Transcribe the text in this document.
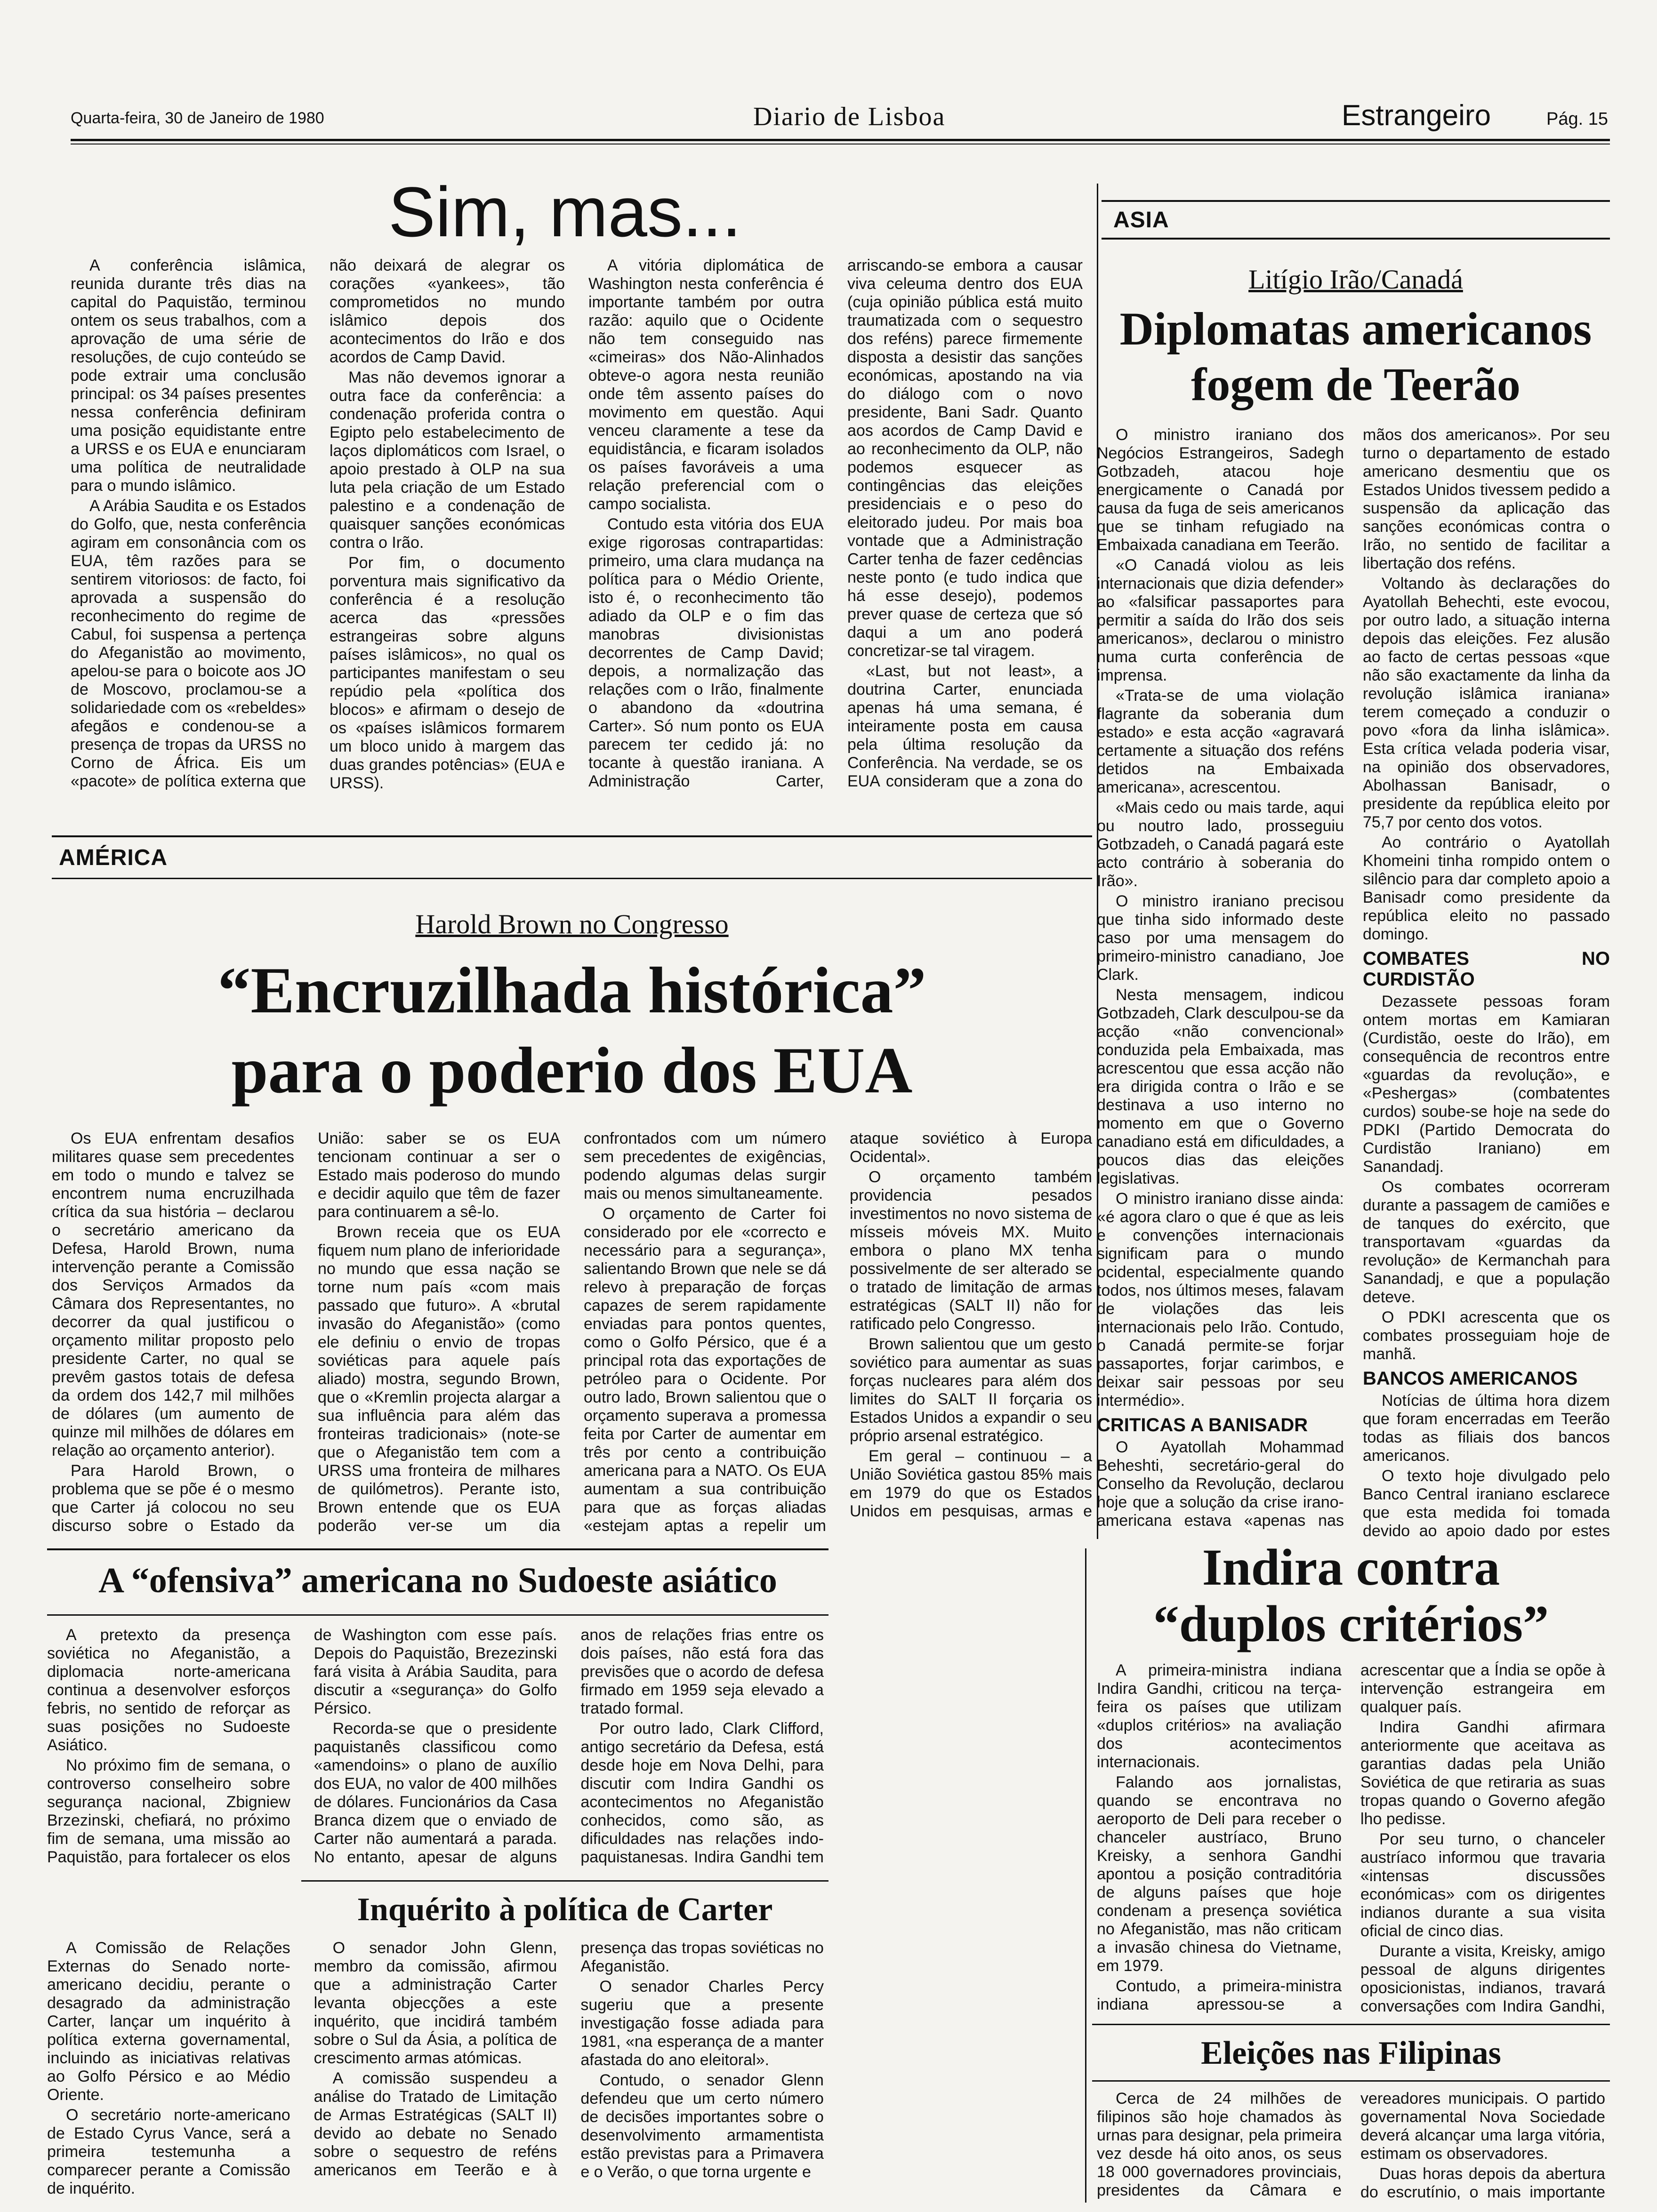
Quarta-feira, 30 de Janeiro de 1980	Diario de Lisboa	Estrangeiro	Pág. 15
Sim, mas...

A conferência islâmica, reunida durante três dias na capital do Paquistão, terminou ontem os seus trabalhos, com a aprovação de uma série de resoluções, de cujo conteúdo se pode extrair uma conclusão principal: os 34 países presentes nessa conferência definiram uma posição equidistante entre a URSS e os EUA e enunciaram uma política de neutralidade para o mundo islâmico.

A Arábia Saudita e os Estados do Golfo, que, nesta conferência agiram em consonância com os EUA, têm razões para se sentirem vitoriosos: de facto, foi aprovada a suspensão do reconhecimento do regime de Cabul, foi suspensa a pertença do Afeganistão ao movimento, apelou-se para o boicote aos JO de Moscovo, proclamou-se a solidariedade com os «rebeldes» afegãos e condenou-se a presença de tropas da URSS no Corno de África. Eis um «pacote» de política externa que não deixará de alegrar os corações «yankees», tão comprometidos no mundo islâmico depois dos acontecimentos do Irão e dos acordos de Camp David.

Mas não devemos ignorar a outra face da conferência: a condenação proferida contra o Egipto pelo estabelecimento de laços diplomáticos com Israel, o apoio prestado à OLP na sua luta pela criação de um Estado palestino e a condenação de quaisquer sanções económicas contra o Irão.

Por fim, o documento porventura mais significativo da conferência é a resolução acerca das «pressões estrangeiras sobre alguns países islâmicos», no qual os participantes manifestam o seu repúdio pela «política dos blocos» e afirmam o desejo de os «países islâmicos formarem um bloco unido à margem das duas grandes potências» (EUA e URSS).

A vitória diplomática de Washington nesta conferência é importante também por outra razão: aquilo que o Ocidente não tem conseguido nas «cimeiras» dos Não-Alinhados obteve-o agora nesta reunião onde têm assento países do movimento em questão. Aqui venceu claramente a tese da equidistância, e ficaram isolados os países favoráveis a uma relação preferencial com o campo socialista.

Contudo esta vitória dos EUA exige rigorosas contrapartidas: primeiro, uma clara mudança na política para o Médio Oriente, isto é, o reconhecimento tão adiado da OLP e o fim das manobras divisionistas decorrentes de Camp David; depois, a normalização das relações com o Irão, finalmente o abandono da «doutrina Carter». Só num ponto os EUA parecem ter cedido já: no tocante à questão iraniana. A Administração Carter, arriscando-se embora a causar viva celeuma dentro dos EUA (cuja opinião pública está muito traumatizada com o sequestro dos reféns) parece firmemente disposta a desistir das sanções económicas, apostando na via do diálogo com o novo presidente, Bani Sadr. Quanto aos acordos de Camp David e ao reconhecimento da OLP, não podemos esquecer as contingências das eleições presidenciais e o peso do eleitorado judeu. Por mais boa vontade que a Administração Carter tenha de fazer cedências neste ponto (e tudo indica que há esse desejo), podemos prever quase de certeza que só daqui a um ano poderá concretizar-se tal viragem.

«Last, but not least», a doutrina Carter, enunciada apenas há uma semana, é inteiramente posta em causa pela última resolução da Conferência. Na verdade, se os EUA consideram que a zona do

ASIA
Litígio Irão/Canadá
Diplomatas americanos fogem de Teerão

O ministro iraniano dos Negócios Estrangeiros, Sadegh Gotbzadeh, atacou hoje energicamente o Canadá por causa da fuga de seis americanos que se tinham refugiado na Embaixada canadiana em Teerão.

«O Canadá violou as leis internacionais que dizia defender» ao «falsificar passaportes para permitir a saída do Irão dos seis americanos», declarou o ministro numa curta conferência de imprensa.

«Trata-se de uma violação flagrante da soberania dum estado» e esta acção «agravará certamente a situação dos reféns detidos na Embaixada americana», acrescentou.

«Mais cedo ou mais tarde, aqui ou noutro lado, prosseguiu Gotbzadeh, o Canadá pagará este acto contrário à soberania do Irão».

O ministro iraniano precisou que tinha sido informado deste caso por uma mensagem do primeiro-ministro canadiano, Joe Clark.

Nesta mensagem, indicou Gotbzadeh, Clark desculpou-se da acção «não convencional» conduzida pela Embaixada, mas acrescentou que essa acção não era dirigida contra o Irão e se destinava a uso interno no momento em que o Governo canadiano está em dificuldades, a poucos dias das eleições legislativas.

O ministro iraniano disse ainda: «é agora claro o que é que as leis e convenções internacionais significam para o mundo ocidental, especialmente quando todos, nos últimos meses, falavam de violações das leis internacionais pelo Irão. Contudo, o Canadá permite-se forjar passaportes, forjar carimbos, e deixar sair pessoas por seu intermédio».

CRITICAS A BANISADR

O Ayatollah Mohammad Beheshti, secretário-geral do Conselho da Revolução, declarou hoje que a solução da crise irano-americana estava «apenas nas mãos dos americanos». Por seu turno o departamento de estado americano desmentiu que os Estados Unidos tivessem pedido a suspensão da aplicação das sanções económicas contra o Irão, no sentido de facilitar a libertação dos reféns.

Voltando às declarações do Ayatollah Behechti, este evocou, por outro lado, a situação interna depois das eleições. Fez alusão ao facto de certas pessoas «que não são exactamente da linha da revolução islâmica iraniana» terem começado a conduzir o povo «fora da linha islâmica». Esta crítica velada poderia visar, na opinião dos observadores, Abolhassan Banisadr, o presidente da república eleito por 75,7 por cento dos votos.

Ao contrário o Ayatollah Khomeini tinha rompido ontem o silêncio para dar completo apoio a Banisadr como presidente da república eleito no passado domingo.

COMBATES NO CURDISTÃO

Dezassete pessoas foram ontem mortas em Kamiaran (Curdistão, oeste do Irão), em consequência de recontros entre «guardas da revolução», e «Peshergas» (combatentes curdos) soube-se hoje na sede do PDKI (Partido Democrata do Curdistão Iraniano) em Sanandadj.

Os combates ocorreram durante a passagem de camiões e de tanques do exército, que transportavam «guardas da revolução» de Kermanchah para Sanandadj, e que a população deteve.

O PDKI acrescenta que os combates prosseguiam hoje de manhã.

BANCOS AMERICANOS

Notícias de última hora dizem que foram encerradas em Teerão todas as filiais dos bancos americanos.

O texto hoje divulgado pelo Banco Central iraniano esclarece que esta medida foi tomada devido ao apoio dado por estes

AMÉRICA
Harold Brown no Congresso
“Encruzilhada histórica”
para o poderio dos EUA

Os EUA enfrentam desafios militares quase sem precedentes em todo o mundo e talvez se encontrem numa encruzilhada crítica da sua história – declarou o secretário americano da Defesa, Harold Brown, numa intervenção perante a Comissão dos Serviços Armados da Câmara dos Representantes, no decorrer da qual justificou o orçamento militar proposto pelo presidente Carter, no qual se prevêm gastos totais de defesa da ordem dos 142,7 mil milhões de dólares (um aumento de quinze mil milhões de dólares em relação ao orçamento anterior).

Para Harold Brown, o problema que se põe é o mesmo que Carter já colocou no seu discurso sobre o Estado da União: saber se os EUA tencionam continuar a ser o Estado mais poderoso do mundo e decidir aquilo que têm de fazer para continuarem a sê-lo.

Brown receia que os EUA fiquem num plano de inferioridade no mundo que essa nação se torne num país «com mais passado que futuro». A «brutal invasão do Afeganistão» (como ele definiu o envio de tropas soviéticas para aquele país aliado) mostra, segundo Brown, que o «Kremlin projecta alargar a sua influência para além das fronteiras tradicionais» (note-se que o Afeganistão tem com a URSS uma fronteira de milhares de quilómetros). Perante isto, Brown entende que os EUA poderão ver-se um dia confrontados com um número sem precedentes de exigências, podendo algumas delas surgir mais ou menos simultaneamente.

O orçamento de Carter foi considerado por ele «correcto e necessário para a segurança», salientando Brown que nele se dá relevo à preparação de forças capazes de serem rapidamente enviadas para pontos quentes, como o Golfo Pérsico, que é a principal rota das exportações de petróleo para o Ocidente. Por outro lado, Brown salientou que o orçamento superava a promessa feita por Carter de aumentar em três por cento a contribuição americana para a NATO. Os EUA aumentam a sua contribuição para que as forças aliadas «estejam aptas a repelir um ataque soviético à Europa Ocidental».

O orçamento também providencia pesados investimentos no novo sistema de mísseis móveis MX. Muito embora o plano MX tenha possivelmente de ser alterado se o tratado de limitação de armas estratégicas (SALT II) não for ratificado pelo Congresso.

Brown salientou que um gesto soviético para aumentar as suas forças nucleares para além dos limites do SALT II forçaria os Estados Unidos a expandir o seu próprio arsenal estratégico.

Em geral – continuou – a União Soviética gastou 85% mais em 1979 do que os Estados Unidos em pesquisas, armas e

A “ofensiva” americana no Sudoeste asiático

A pretexto da presença soviética no Afeganistão, a diplomacia norte-americana continua a desenvolver esforços febris, no sentido de reforçar as suas posições no Sudoeste Asiático.

No próximo fim de semana, o controverso conselheiro sobre segurança nacional, Zbigniew Brzezinski, chefiará, no próximo fim de semana, uma missão ao Paquistão, para fortalecer os elos de Washington com esse país. Depois do Paquistão, Brezezinski fará visita à Arábia Saudita, para discutir a «segurança» do Golfo Pérsico.

Recorda-se que o presidente paquistanês classificou como «amendoins» o plano de auxílio dos EUA, no valor de 400 milhões de dólares. Funcionários da Casa Branca dizem que o enviado de Carter não aumentará a parada. No entanto, apesar de alguns anos de relações frias entre os dois países, não está fora das previsões que o acordo de defesa firmado em 1959 seja elevado a tratado formal.

Por outro lado, Clark Clifford, antigo secretário da Defesa, está desde hoje em Nova Delhi, para discutir com Indira Gandhi os acontecimentos no Afeganistão conhecidos, como são, as dificuldades nas relações indo-paquistanesas. Indira Gandhi tem

Inquérito à política de Carter

A Comissão de Relações Externas do Senado norte-americano decidiu, perante o desagrado da administração Carter, lançar um inquérito à política externa governamental, incluindo as iniciativas relativas ao Golfo Pérsico e ao Médio Oriente.

O secretário norte-americano de Estado Cyrus Vance, será a primeira testemunha a comparecer perante a Comissão de inquérito.

O senador John Glenn, membro da comissão, afirmou que a administração Carter levanta objecções a este inquérito, que incidirá também sobre o Sul da Ásia, a política de crescimento armas atómicas.

A comissão suspendeu a análise do Tratado de Limitação de Armas Estratégicas (SALT II) devido ao debate no Senado sobre o sequestro de reféns americanos em Teerão e à presença das tropas soviéticas no Afeganistão.

O senador Charles Percy sugeriu que a presente investigação fosse adiada para 1981, «na esperança de a manter afastada do ano eleitoral».

Contudo, o senador Glenn defendeu que um certo número de decisões importantes sobre o desenvolvimento armamentista estão previstas para a Primavera e o Verão, o que torna urgente e

Indira contra
“duplos critérios”

A primeira-ministra indiana Indira Gandhi, criticou na terça-feira os países que utilizam «duplos critérios» na avaliação dos acontecimentos internacionais.

Falando aos jornalistas, quando se encontrava no aeroporto de Deli para receber o chanceler austríaco, Bruno Kreisky, a senhora Gandhi apontou a posição contraditória de alguns países que hoje condenam a presença soviética no Afeganistão, mas não criticam a invasão chinesa do Vietname, em 1979.

Contudo, a primeira-ministra indiana apressou-se a acrescentar que a Índia se opõe à intervenção estrangeira em qualquer país.

Indira Gandhi afirmara anteriormente que aceitava as garantias dadas pela União Soviética de que retiraria as suas tropas quando o Governo afegão lho pedisse.

Por seu turno, o chanceler austríaco informou que travaria «intensas discussões económicas» com os dirigentes indianos durante a sua visita oficial de cinco dias.

Durante a visita, Kreisky, amigo pessoal de alguns dirigentes oposicionistas, indianos, travará conversações com Indira Gandhi,

Eleições nas Filipinas

Cerca de 24 milhões de filipinos são hoje chamados às urnas para designar, pela primeira vez desde há oito anos, os seus 18 000 governadores provinciais, presidentes da Câmara e vereadores municipais. O partido governamental Nova Sociedade deverá alcançar uma larga vitória, estimam os observadores.

Duas horas depois da abertura do escrutínio, o mais importante
